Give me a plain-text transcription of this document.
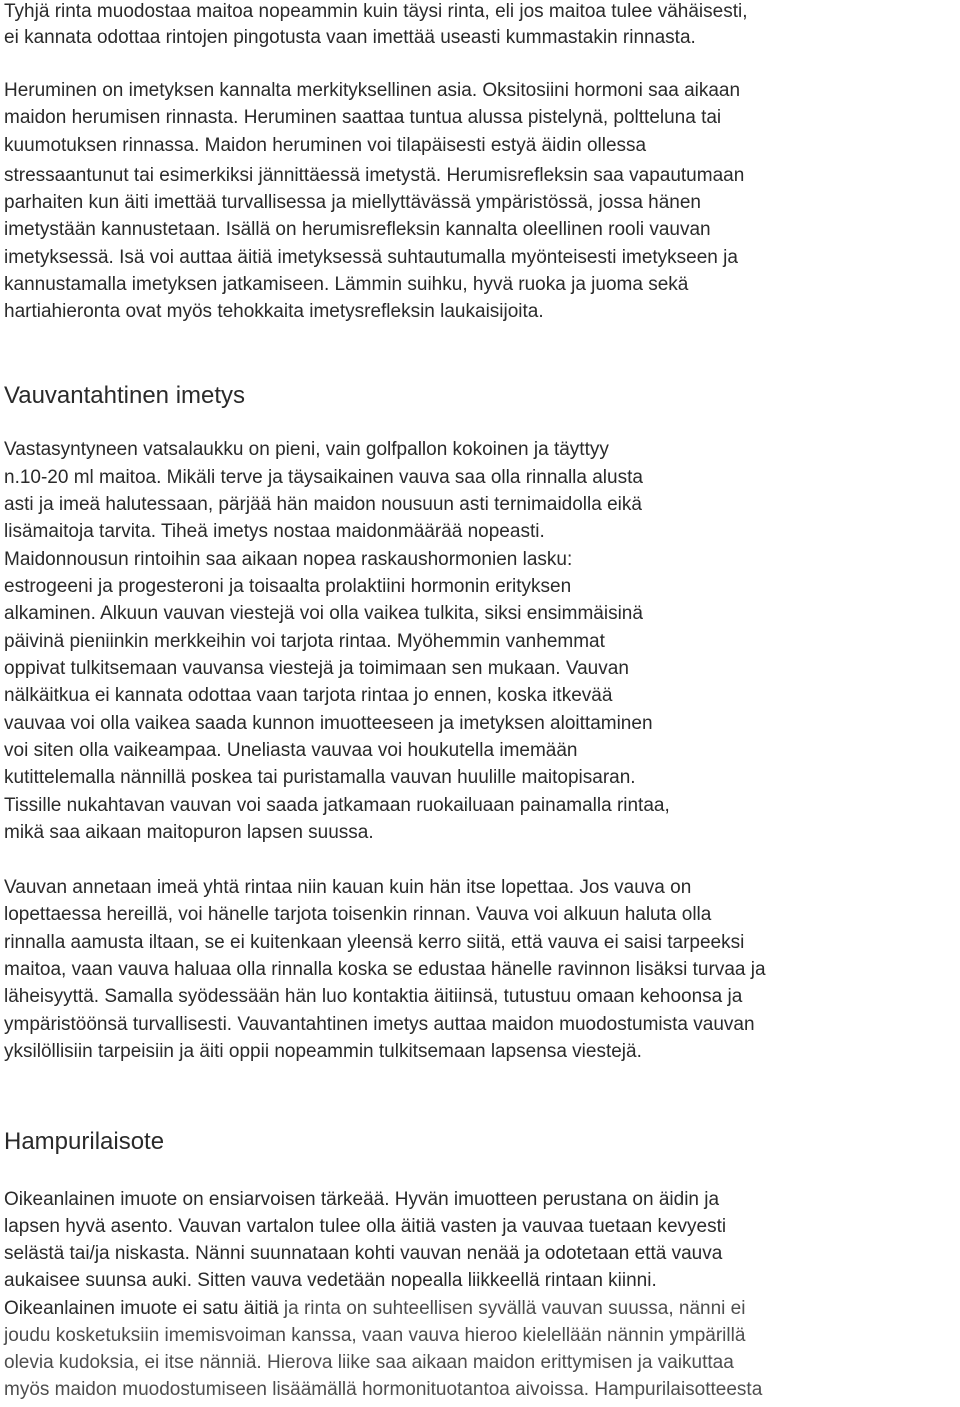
Tyhjä rinta muodostaa maitoa nopeammin kuin täysi rinta, eli jos maitoa tulee vähäisesti,
ei kannata odottaa rintojen pingotusta vaan imettää useasti kummastakin rinnasta.
Heruminen on imetyksen kannalta merkityksellinen asia. Oksitosiini hormoni saa aikaan
maidon herumisen rinnasta. Heruminen saattaa tuntua alussa pistelynä, poltteluna tai
kuumotuksen rinnassa. Maidon heruminen voi tilapäisesti estyä äidin ollessa
stressaantunut tai esimerkiksi jännittäessä imetystä. Herumisrefleksin saa vapautumaan
parhaiten kun äiti imettää turvallisessa ja miellyttävässä ympäristössä, jossa hänen
imetystään kannustetaan. Isällä on herumisrefleksin kannalta oleellinen rooli vauvan
imetyksessä. Isä voi auttaa äitiä imetyksessä suhtautumalla myönteisesti imetykseen ja
kannustamalla imetyksen jatkamiseen. Lämmin suihku, hyvä ruoka ja juoma sekä
hartiahieronta ovat myös tehokkaita imetysrefleksin laukaisijoita.
Vauvantahtinen imetys
Vastasyntyneen vatsalaukku on pieni, vain golfpallon kokoinen ja täyttyy
n.10-20 ml maitoa. Mikäli terve ja täysaikainen vauva saa olla rinnalla alusta
asti ja imeä halutessaan, pärjää hän maidon nousuun asti ternimaidolla eikä
lisämaitoja tarvita. Tiheä imetys nostaa maidonmäärää nopeasti.
Maidonnousun rintoihin saa aikaan nopea raskaushormonien lasku:
estrogeeni ja progesteroni ja toisaalta prolaktiini hormonin erityksen
alkaminen. Alkuun vauvan viestejä voi olla vaikea tulkita, siksi ensimmäisinä
päivinä pieniinkin merkkeihin voi tarjota rintaa. Myöhemmin vanhemmat
oppivat tulkitsemaan vauvansa viestejä ja toimimaan sen mukaan. Vauvan
nälkäitkua ei kannata odottaa vaan tarjota rintaa jo ennen, koska itkevää
vauvaa voi olla vaikea saada kunnon imuotteeseen ja imetyksen aloittaminen
voi siten olla vaikeampaa. Uneliasta vauvaa voi houkutella imemään
kutittelemalla nännillä poskea tai puristamalla vauvan huulille maitopisaran.
Tissille nukahtavan vauvan voi saada jatkamaan ruokailuaan painamalla rintaa,
mikä saa aikaan maitopuron lapsen suussa.
Vauvan annetaan imeä yhtä rintaa niin kauan kuin hän itse lopettaa. Jos vauva on
lopettaessa hereillä, voi hänelle tarjota toisenkin rinnan. Vauva voi alkuun haluta olla
rinnalla aamusta iltaan, se ei kuitenkaan yleensä kerro siitä, että vauva ei saisi tarpeeksi
maitoa, vaan vauva haluaa olla rinnalla koska se edustaa hänelle ravinnon lisäksi turvaa ja
läheisyyttä. Samalla syödessään hän luo kontaktia äitiinsä, tutustuu omaan kehoonsa ja
ympäristöönsä turvallisesti. Vauvantahtinen imetys auttaa maidon muodostumista vauvan
yksilöllisiin tarpeisiin ja äiti oppii nopeammin tulkitsemaan lapsensa viestejä.
Hampurilaisote
Oikeanlainen imuote on ensiarvoisen tärkeää. Hyvän imuotteen perustana on äidin ja
lapsen hyvä asento. Vauvan vartalon tulee olla äitiä vasten ja vauvaa tuetaan kevyesti
selästä tai/ja niskasta. Nänni suunnataan kohti vauvan nenää ja odotetaan että vauva
aukaisee suunsa auki. Sitten vauva vedetään nopealla liikkeellä rintaan kiinni.
Oikeanlainen imuote ei satu äitiä ja rinta on suhteellisen syvällä vauvan suussa, nänni ei
joudu kosketuksiin imemisvoiman kanssa, vaan vauva hieroo kielellään nännin ympärillä
olevia kudoksia, ei itse nänniä. Hierova liike saa aikaan maidon erittymisen ja vaikuttaa
myös maidon muodostumiseen lisäämällä hormonituotantoa aivoissa. Hampurilaisotteesta
